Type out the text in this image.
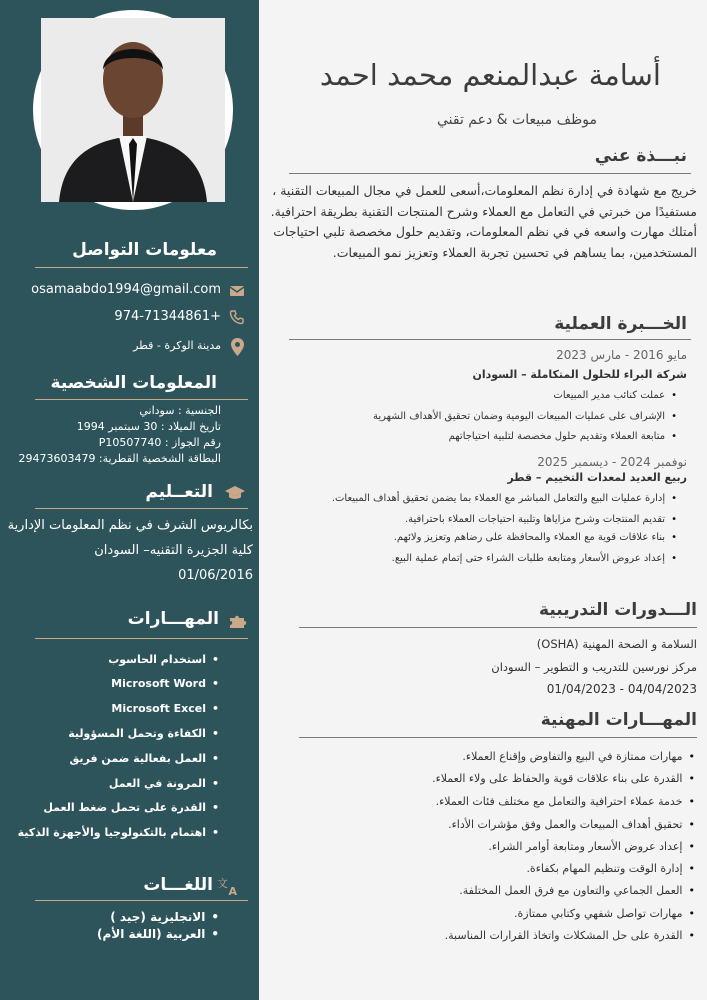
معلومات التواصل
osamaabdo1994@gmail.com
+974-71344861
مدينة الوكرة - قطر
المعلومات الشخصية
الجنسية : سوداني
تاريخ الميلاد : 30 سبتمبر 1994
رقم الجواز : P10507740
البطاقة الشخصية القطرية: 29473603479
التعــليم
بكالريوس الشرف في نظم المعلومات الإدارية
كلية الجزيرة التقنيه– السودان
01/06/2016
المهـــارات
• استخدام الحاسوب
• Microsoft Word
• Microsoft Excel
• الكفاءة وتحمل المسؤولية
• العمل بفعالية ضمن فريق
• المرونة في العمل
• القدرة على تحمل ضغط العمل
• اهتمام بالتكنولوجيا والأجهزة الذكية
اللغـــات 文
A
• الانجليزية (جيد )
• العربية (اللغة الأم)
أسامة عبدالمنعم محمد احمد
موظف مبيعات & دعم تقني
نبـــذة عني
خريج مع شهادة في إدارة نظم المعلومات،أسعى للعمل في مجال المبيعات التقنية ، مستفيدًا من خبرتي في التعامل مع العملاء وشرح المنتجات التقنية بطريقة احترافية. أمتلك مهارت واسعه في في نظم المعلومات، وتقديم حلول مخصصة تلبي احتياجات المستخدمين، بما يساهم في تحسين تجربة العملاء وتعزيز نمو المبيعات.
الخـــبرة العملية
مايو 2016 - مارس 2023
شركة البراء للحلول المتكاملة – السودان
• عملت كنائب مدير المبيعات
• الإشراف على عمليات المبيعات اليومية وضمان تحقيق الأهداف الشهرية
• متابعة العملاء وتقديم حلول مخصصة لتلبية احتياجاتهم
نوفمبر 2024 - ديسمبر 2025
ربيع العديد لمعدات التخييم – قطر
• إدارة عمليات البيع والتعامل المباشر مع العملاء بما يضمن تحقيق أهداف المبيعات.
• تقديم المنتجات وشرح مزاياها وتلبية احتياجات العملاء باحترافية.
• بناء علاقات قوية مع العملاء والمحافظة على رضاهم وتعزيز ولائهم.
• إعداد عروض الأسعار ومتابعة طلبات الشراء حتى إتمام عملية البيع.
الـــدورات التدريبية
السلامة و الصحة المهنية (OSHA)
مركز نورسين للتدريب و التطوير – السودان
04/04/2023 - 01/04/2023
المهـــارات المهنية
• مهارات ممتازة في البيع والتفاوض وإقناع العملاء.
• القدرة على بناء علاقات قوية والحفاظ على ولاء العملاء.
• خدمة عملاء احترافية والتعامل مع مختلف فئات العملاء.
• تحقيق أهداف المبيعات والعمل وفق مؤشرات الأداء.
• إعداد عروض الأسعار ومتابعة أوامر الشراء.
• إدارة الوقت وتنظيم المهام بكفاءة.
• العمل الجماعي والتعاون مع فرق العمل المختلفة.
• مهارات تواصل شفهي وكتابي ممتازة.
• القدرة على حل المشكلات واتخاذ القرارات المناسبة.
